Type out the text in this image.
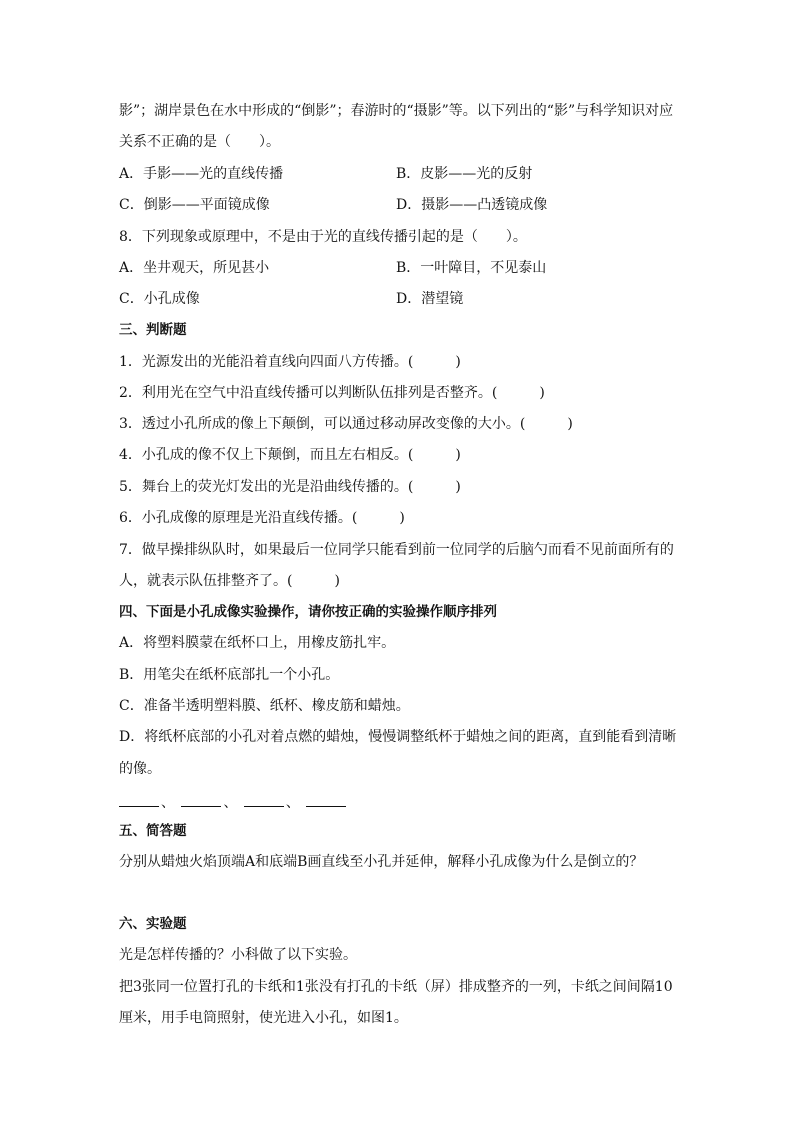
影”；湖岸景色在水中形成的“倒影”；春游时的“摄影”等。以下列出的“影”与科学知识对应
关系不正确的是（　　）。
A．手影——光的直线传播	B．皮影——光的反射
C．倒影——平面镜成像	D．摄影——凸透镜成像
8．下列现象或原理中，不是由于光的直线传播引起的是（　　）。
A．坐井观天，所见甚小	B．一叶障目，不见泰山
C．小孔成像	D．潜望镜
三、判断题
1．光源发出的光能沿着直线向四面八方传播。(　　　)
2．利用光在空气中沿直线传播可以判断队伍排列是否整齐。(　　　)
3．透过小孔所成的像上下颠倒，可以通过移动屏改变像的大小。(　　　)
4．小孔成的像不仅上下颠倒，而且左右相反。(　　　)
5．舞台上的荧光灯发出的光是沿曲线传播的。(　　　)
6．小孔成像的原理是光沿直线传播。(　　　)
7．做早操排纵队时，如果最后一位同学只能看到前一位同学的后脑勺而看不见前面所有的
人，就表示队伍排整齐了。(　　　)
四、下面是小孔成像实验操作，请你按正确的实验操作顺序排列
A．将塑料膜蒙在纸杯口上，用橡皮筋扎牢。
B．用笔尖在纸杯底部扎一个小孔。
C．准备半透明塑料膜、纸杯、橡皮筋和蜡烛。
D．将纸杯底部的小孔对着点燃的蜡烛，慢慢调整纸杯于蜡烛之间的距离，直到能看到清晰
的像。
、	、	、
五、简答题
分别从蜡烛火焰顶端A和底端B画直线至小孔并延伸，解释小孔成像为什么是倒立的？
六、实验题
光是怎样传播的？小科做了以下实验。
把3张同一位置打孔的卡纸和1张没有打孔的卡纸（屏）排成整齐的一列，卡纸之间间隔10
厘米，用手电筒照射，使光进入小孔，如图1。
